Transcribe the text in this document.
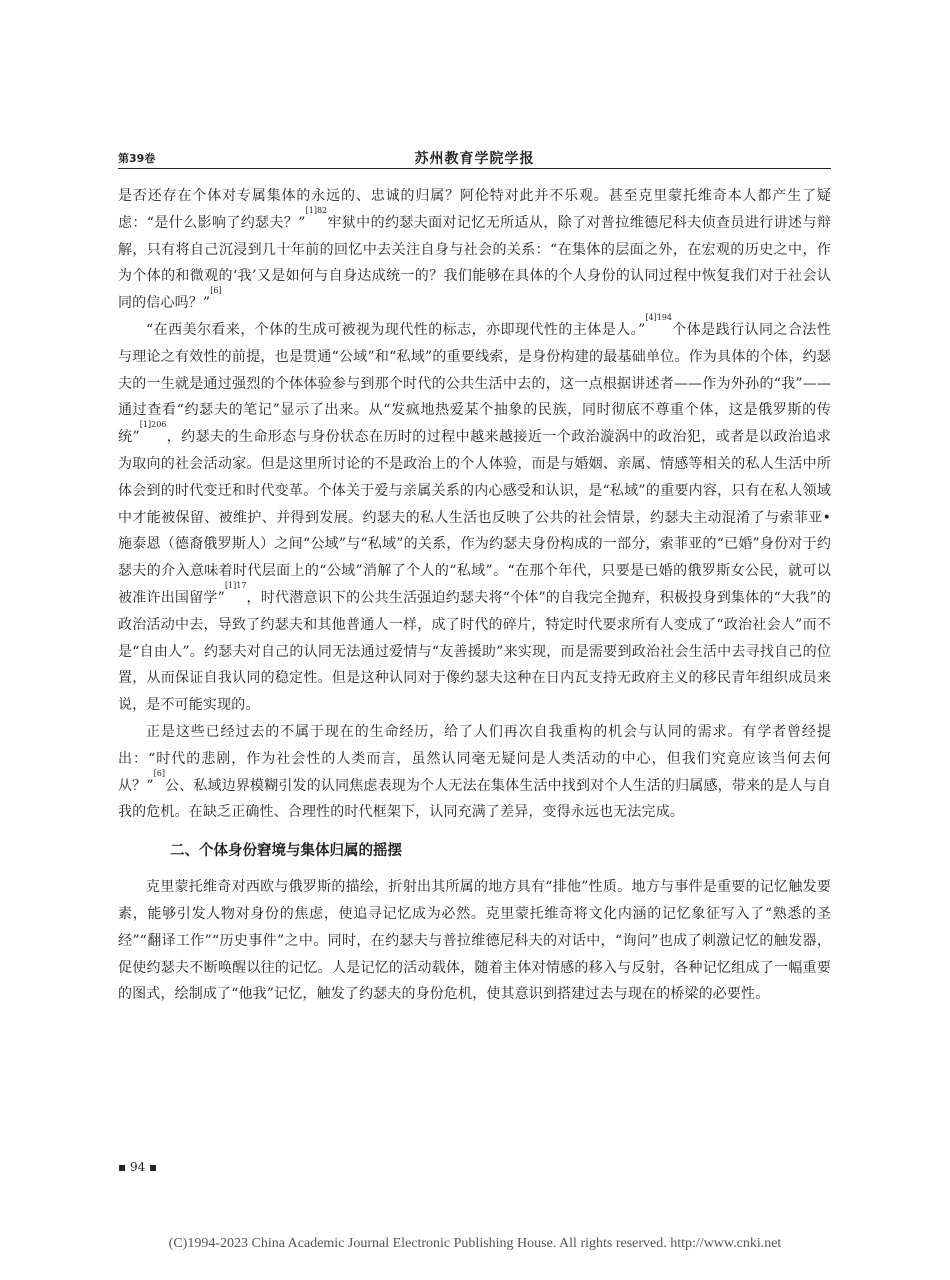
第39卷	苏州教育学院学报

是否还存在个体对专属集体的永远的、忠诚的归属？阿伦特对此并不乐观。甚至克里蒙托维奇本人都产生了疑虑：“是什么影响了约瑟夫？”$^{[1]82}$牢狱中的约瑟夫面对记忆无所适从，除了对普拉维德尼科夫侦查员进行讲述与辩解，只有将自己沉浸到几十年前的回忆中去关注自身与社会的关系：“在集体的层面之外，在宏观的历史之中，作为个体的和微观的‘我’又是如何与自身达成统一的？我们能够在具体的个人身份的认同过程中恢复我们对于社会认同的信心吗？”[6]

“在西美尔看来，个体的生成可被视为现代性的标志，亦即现代性的主体是人。”$^{[4]194}$个体是践行认同之合法性与理论之有效性的前提，也是贯通“公域”和“私域”的重要线索，是身份构建的最基础单位。作为具体的个体，约瑟夫的一生就是通过强烈的个体体验参与到那个时代的公共生活中去的，这一点根据讲述者——作为外孙的“我”——通过查看“约瑟夫的笔记”显示了出来。从“发疯地热爱某个抽象的民族，同时彻底不尊重个体，这是俄罗斯的传统”$^{[1]206}$，约瑟夫的生命形态与身份状态在历时的过程中越来越接近一个政治漩涡中的政治犯，或者是以政治追求为取向的社会活动家。但是这里所讨论的不是政治上的个人体验，而是与婚姻、亲属、情感等相关的私人生活中所体会到的时代变迁和时代变革。个体关于爱与亲属关系的内心感受和认识，是“私域”的重要内容，只有在私人领域中才能被保留、被维护、并得到发展。约瑟夫的私人生活也反映了公共的社会情景，约瑟夫主动混淆了与索菲亚•施泰恩（德裔俄罗斯人）之间“公域”与“私域”的关系，作为约瑟夫身份构成的一部分，索菲亚的“已婚”身份对于约瑟夫的介入意味着时代层面上的“公域”消解了个人的“私域”。“在那个年代，只要是已婚的俄罗斯女公民，就可以被准许出国留学”$^{[1]17}$，时代潜意识下的公共生活强迫约瑟夫将“个体”的自我完全抛弃，积极投身到集体的“大我”的政治活动中去，导致了约瑟夫和其他普通人一样，成了时代的碎片，特定时代要求所有人变成了“政治社会人”而不是“自由人”。约瑟夫对自己的认同无法通过爱情与“友善援助”来实现，而是需要到政治社会生活中去寻找自己的位置，从而保证自我认同的稳定性。但是这种认同对于像约瑟夫这种在日内瓦支持无政府主义的移民青年组织成员来说，是不可能实现的。

正是这些已经过去的不属于现在的生命经历，给了人们再次自我重构的机会与认同的需求。有学者曾经提出：“时代的悲剧，作为社会性的人类而言，虽然认同毫无疑问是人类活动的中心，但我们究竟应该当何去何从？”[6]公、私域边界模糊引发的认同焦虑表现为个人无法在集体生活中找到对个人生活的归属感，带来的是人与自我的危机。在缺乏正确性、合理性的时代框架下，认同充满了差异，变得永远也无法完成。

二、个体身份窘境与集体归属的摇摆

克里蒙托维奇对西欧与俄罗斯的描绘，折射出其所属的地方具有“排他”性质。地方与事件是重要的记忆触发要素，能够引发人物对身份的焦虑，使追寻记忆成为必然。克里蒙托维奇将文化内涵的记忆象征写入了“熟悉的圣经”“翻译工作”“历史事件”之中。同时，在约瑟夫与普拉维德尼科夫的对话中，“询问”也成了刺激记忆的触发器，促使约瑟夫不断唤醒以往的记忆。人是记忆的活动载体，随着主体对情感的移入与反射，各种记忆组成了一幅重要的图式，绘制成了“他我”记忆，触发了约瑟夫的身份危机，使其意识到搭建过去与现在的桥梁的必要性。

▪ 94 ▪
(C)1994-2023 China Academic Journal Electronic Publishing House. All rights reserved. http://www.cnki.net
